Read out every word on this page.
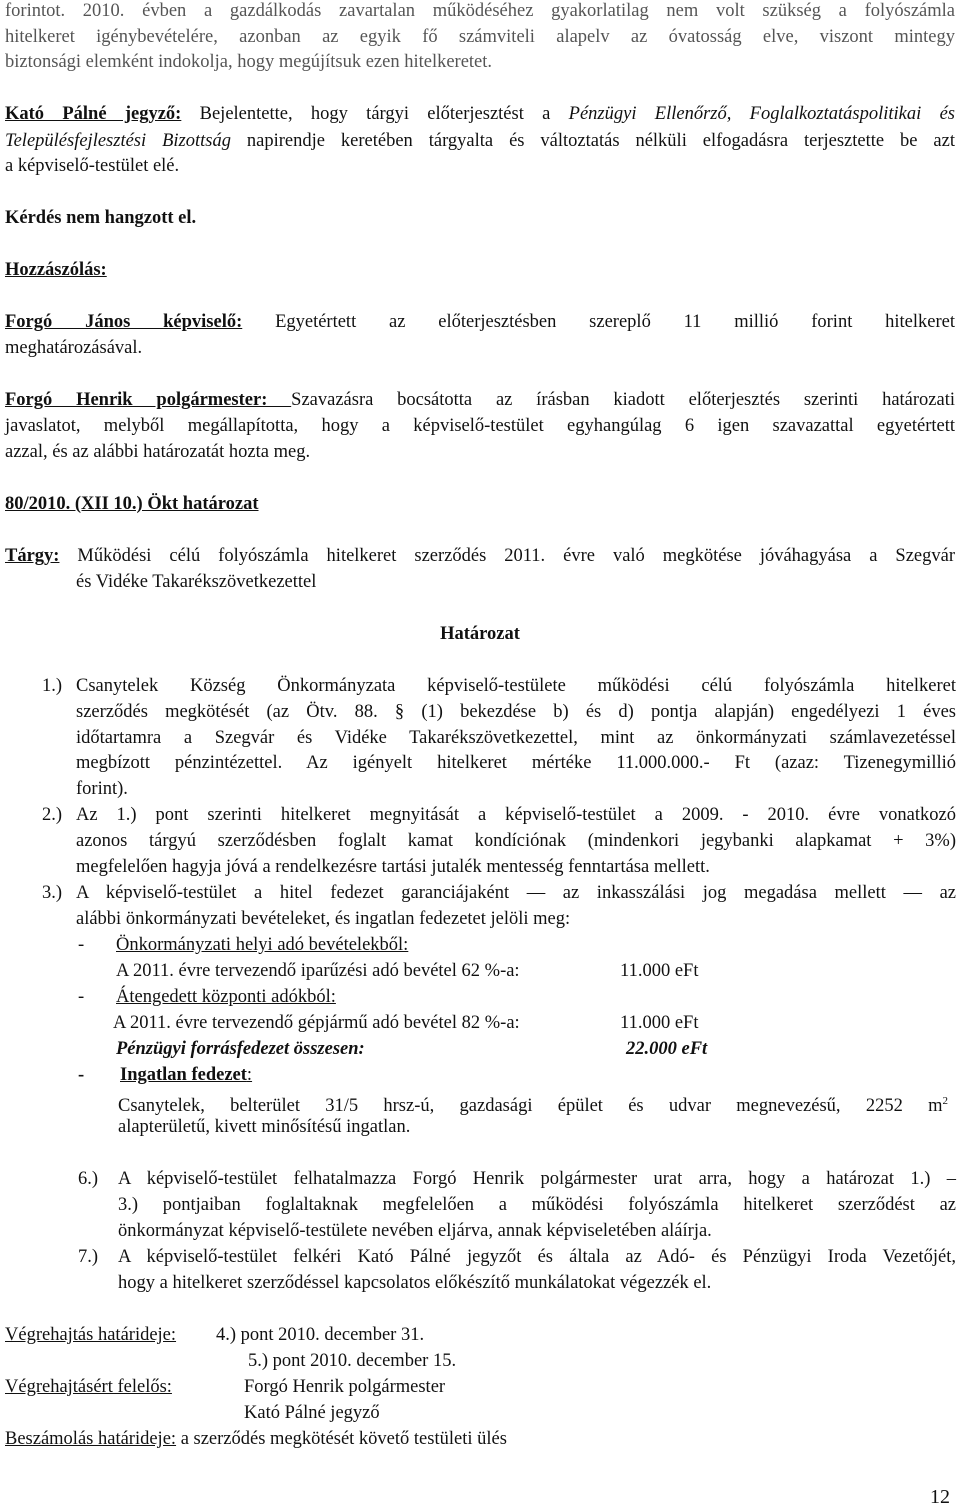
forintot. 2010. évben a gazdálkodás zavartalan működéséhez gyakorlatilag nem volt szükség a folyószámla
hitelkeret igénybevételére, azonban az egyik fő számviteli alapelv az óvatosság elve, viszont mintegy
biztonsági elemként indokolja, hogy megújítsuk ezen hitelkeretet.
Kató Pálné jegyző: Bejelentette, hogy tárgyi előterjesztést a Pénzügyi Ellenőrző, Foglalkoztatáspolitikai és
Településfejlesztési Bizottság napirendje keretében tárgyalta és változtatás nélküli elfogadásra terjesztette be azt
a képviselő-testület elé.
Kérdés nem hangzott el.
Hozzászólás:
Forgó János képviselő: Egyetértett az előterjesztésben szereplő 11 millió forint hitelkeret
meghatározásával.
Forgó Henrik polgármester: Szavazásra bocsátotta az írásban kiadott előterjesztés szerinti határozati
javaslatot, melyből megállapította, hogy a képviselő-testület egyhangúlag 6 igen szavazattal egyetértett
azzal, és az alábbi határozatát hozta meg.
80/2010. (XII 10.) Ökt határozat
Tárgy: Működési célú folyószámla hitelkeret szerződés 2011. évre való megkötése jóváhagyása a Szegvár
és Vidéke Takarékszövetkezettel
Határozat
1.) Csanytelek Község Önkormányzata képviselő-testülete működési célú folyószámla hitelkeret
szerződés megkötését (az Ötv. 88. § (1) bekezdése b) és d) pontja alapján) engedélyezi 1 éves
időtartamra a Szegvár és Vidéke Takarékszövetkezettel, mint az önkormányzati számlavezetéssel
megbízott pénzintézettel. Az igényelt hitelkeret mértéke 11.000.000.- Ft (azaz: Tizenegymillió
forint).
2.) Az 1.) pont szerinti hitelkeret megnyitását a képviselő-testület a 2009. - 2010. évre vonatkozó
azonos tárgyú szerződésben foglalt kamat kondíciónak (mindenkori jegybanki alapkamat + 3%)
megfelelően hagyja jóvá a rendelkezésre tartási jutalék mentesség fenntartása mellett.
3.) A képviselő-testület a hitel fedezet garanciájaként — az inkasszálási jog megadása mellett — az
alábbi önkormányzati bevételeket, és ingatlan fedezetet jelöli meg:
- Önkormányzati helyi adó bevételekből:
A 2011. évre tervezendő iparűzési adó bevétel 62 %-a:	11.000 eFt
- Átengedett központi adókból:
A 2011. évre tervezendő gépjármű adó bevétel 82 %-a:	11.000 eFt
Pénzügyi forrásfedezet összesen:	22.000 eFt
- Ingatlan fedezet:
Csanytelek, belterület 31/5 hrsz-ú, gazdasági épület és udvar megnevezésű, 2252 $m^2$
alapterületű, kivett minősítésű ingatlan.
6.) A képviselő-testület felhatalmazza Forgó Henrik polgármester urat arra, hogy a határozat 1.) –
3.) pontjaiban foglaltaknak megfelelően a működési folyószámla hitelkeret szerződést az
önkormányzat képviselő-testülete nevében eljárva, annak képviseletében aláírja.
7.) A képviselő-testület felkéri Kató Pálné jegyzőt és általa az Adó- és Pénzügyi Iroda Vezetőjét,
hogy a hitelkeret szerződéssel kapcsolatos előkészítő munkálatokat végezzék el.
Végrehajtás határideje: 4.) pont 2010. december 31.
5.) pont 2010. december 15.
Végrehajtásért felelős:	Forgó Henrik polgármester
Kató Pálné jegyző
Beszámolás határideje: a szerződés megkötését követő testületi ülés
12
